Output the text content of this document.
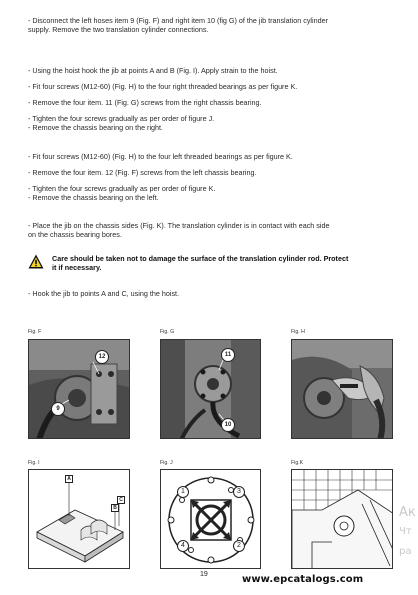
- Disconnect the left hoses item 9 (Fig. F) and right item 10 (fig G) of the jib translation cylinder
supply. Remove the two translation cylinder connections.

- Using the hoist hook the jib at points A and B (Fig. I). Apply strain to the hoist.

- Fit four screws (M12-60) (Fig. H) to the four right threaded bearings as per figure K.

- Remove the four item. 11 (Fig. G) screws from the right chassis bearing.

- Tighten the four screws gradually as per order of figure J.
- Remove the chassis bearing on the right.

- Fit four screws (M12-60) (Fig. H) to the four left threaded bearings as per figure K.

- Remove the four item. 12 (Fig. F) screws from the left chassis bearing.

- Tighten the four screws gradually as per order of figure K.
- Remove the chassis bearing on the left.

- Place the jib on the chassis sides (Fig. K). The translation cylinder is in contact with each side
on the chassis bearing bores.

Care should be taken not to damage the surface of the translation cylinder rod. Protect
it if necessary.

- Hook the jib to points A and C, using the hoist.

Fig. F	Fig. G	Fig. H
12
9
11
10
Fig. I	Fig. J	Fig.K
A
B
C
1	3
4	2
19	www.epcatalogs.com
Ак
Чт
ра
